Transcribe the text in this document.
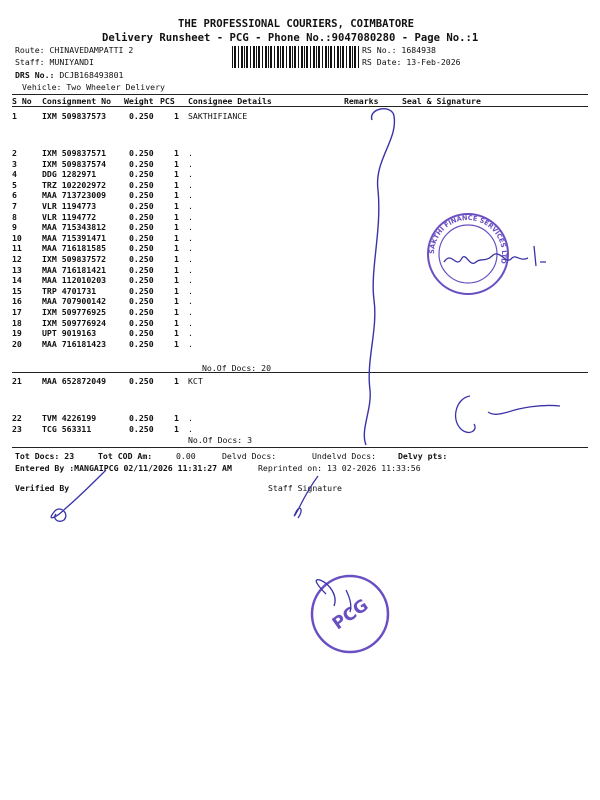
THE PROFESSIONAL COURIERS, COIMBATORE
Delivery Runsheet - PCG - Phone No.:9047080280 - Page No.:1
Route: CHINAVEDAMPATTI 2
Staff: MUNIYANDI
DRS No.: DCJB168493801
Vehicle: Two Wheeler Delivery
RS No.: 1684938
RS Date: 13-Feb-2026
S No Consignment No Weight PCS Consignee Details	Remarks	Seal & Signature
1	IXM 509837573	0.250 1 SAKTHIFIANCE
2	IXM 509837571	0.250 1 .
3	IXM 509837574	0.250 1 .
4	DDG 1282971	0.250 1 .
5	TRZ 102202972	0.250 1 .
6	MAA 713723009	0.250 1 .
7	VLR 1194773	0.250 1 .
8	VLR 1194772	0.250 1 .
9	MAA 715343812	0.250 1 .
10 MAA 715391471	0.250 1 .
11 MAA 716181585	0.250 1 .
12 IXM 509837572	0.250 1 .
13 MAA 716181421	0.250 1 .
14 MAA 112010203	0.250 1 .
15 TRP 4701731	0.250 1 .
16 MAA 707900142	0.250 1 .
17 IXM 509776925	0.250 1 .
18 IXM 509776924	0.250 1 .
19 UPT 9019163	0.250 1 .
20 MAA 716181423	0.250 1 .
21 MAA 652872049	0.250 1 KCT
22 TVM 4226199	0.250 1 .
23 TCG 563311	0.250 1 .
No.Of Docs: 20
No.Of Docs: 3
Tot Docs: 23	Tot COD Am:	0.00	Delvd Docs:	Undelvd Docs:	Delvy pts:
Entered By :MANGAIPCG 02/11/2026 11:31:27 AM	Reprinted on: 13 02-2026 11:33:56
Verified By	Staff Signature
SAKTHI FINANCE SERVICES LTD
PCG
